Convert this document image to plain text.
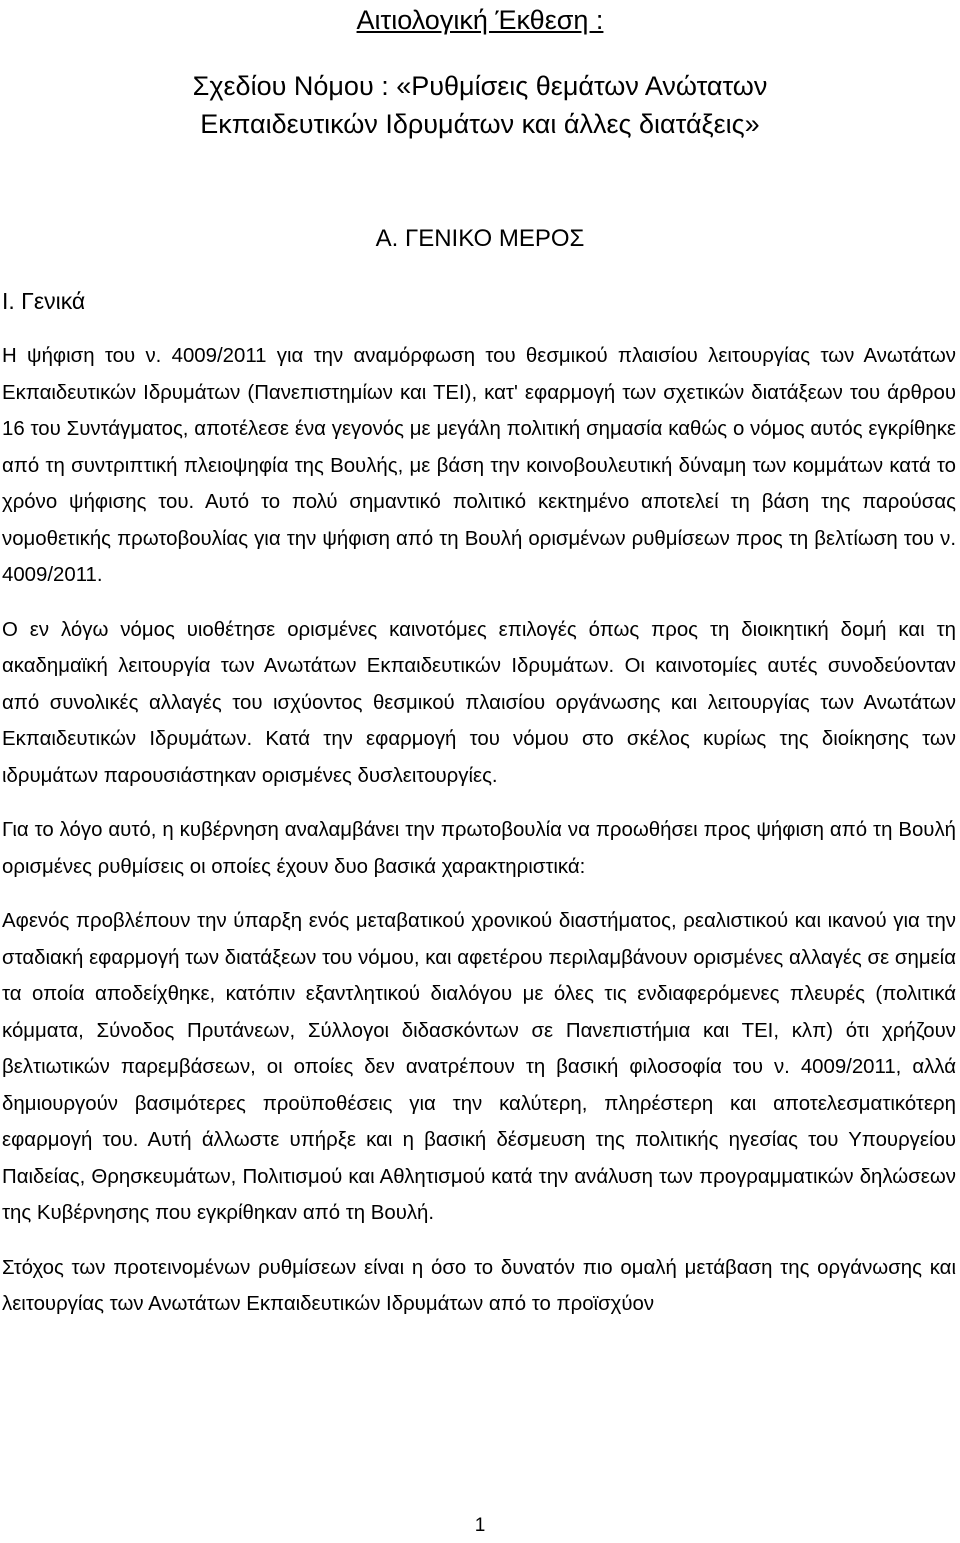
Αιτιολογική Έκθεση :
Σχεδίου Νόμου : «Ρυθμίσεις θεμάτων Ανώτατων
Εκπαιδευτικών Ιδρυμάτων και άλλες διατάξεις»
Α. ΓΕΝΙΚΟ ΜΕΡΟΣ
Ι. Γενικά

Η ψήφιση του ν. 4009/2011 για την αναμόρφωση του θεσμικού πλαισίου λειτουργίας των Ανωτάτων Εκπαιδευτικών Ιδρυμάτων (Πανεπιστημίων και ΤΕΙ), κατ' εφαρμογή των σχετικών διατάξεων του άρθρου 16 του Συντάγματος, αποτέλεσε ένα γεγονός με μεγάλη πολιτική σημασία καθώς ο νόμος αυτός εγκρίθηκε από τη συντριπτική πλειοψηφία της Βουλής, με βάση την κοινοβουλευτική δύναμη των κομμάτων κατά το χρόνο ψήφισης του. Αυτό το πολύ σημαντικό πολιτικό κεκτημένο αποτελεί τη βάση της παρούσας νομοθετικής πρωτοβουλίας για την ψήφιση από τη Βουλή ορισμένων ρυθμίσεων προς τη βελτίωση του ν. 4009/2011.

Ο εν λόγω νόμος υιοθέτησε ορισμένες καινοτόμες επιλογές όπως προς τη διοικητική δομή και τη ακαδημαϊκή λειτουργία των Ανωτάτων Εκπαιδευτικών Ιδρυμάτων. Οι καινοτομίες αυτές συνοδεύονταν από συνολικές αλλαγές του ισχύοντος θεσμικού πλαισίου οργάνωσης και λειτουργίας των Ανωτάτων Εκπαιδευτικών Ιδρυμάτων. Κατά την εφαρμογή του νόμου στο σκέλος κυρίως της διοίκησης των ιδρυμάτων παρουσιάστηκαν ορισμένες δυσλειτουργίες.

Για το λόγο αυτό, η κυβέρνηση αναλαμβάνει την πρωτοβουλία να προωθήσει προς ψήφιση από τη Βουλή ορισμένες ρυθμίσεις οι οποίες έχουν δυο βασικά χαρακτηριστικά:

Αφενός προβλέπουν την ύπαρξη ενός μεταβατικού χρονικού διαστήματος, ρεαλιστικού και ικανού για την σταδιακή εφαρμογή των διατάξεων του νόμου, και αφετέρου περιλαμβάνουν ορισμένες αλλαγές σε σημεία τα οποία αποδείχθηκε, κατόπιν εξαντλητικού διαλόγου με όλες τις ενδιαφερόμενες πλευρές (πολιτικά κόμματα, Σύνοδος Πρυτάνεων, Σύλλογοι διδασκόντων σε Πανεπιστήμια και ΤΕΙ, κλπ) ότι χρήζουν βελτιωτικών παρεμβάσεων, οι οποίες δεν ανατρέπουν τη βασική φιλοσοφία του ν. 4009/2011, αλλά δημιουργούν βασιμότερες προϋποθέσεις για την καλύτερη, πληρέστερη και αποτελεσματικότερη εφαρμογή του. Αυτή άλλωστε υπήρξε και η βασική δέσμευση της πολιτικής ηγεσίας του Υπουργείου Παιδείας, Θρησκευμάτων, Πολιτισμού και Αθλητισμού κατά την ανάλυση των προγραμματικών δηλώσεων της Κυβέρνησης που εγκρίθηκαν από τη Βουλή.

Στόχος των προτεινομένων ρυθμίσεων είναι η όσο το δυνατόν πιο ομαλή μετάβαση της οργάνωσης και λειτουργίας των Ανωτάτων Εκπαιδευτικών Ιδρυμάτων από το προϊσχύον

1
